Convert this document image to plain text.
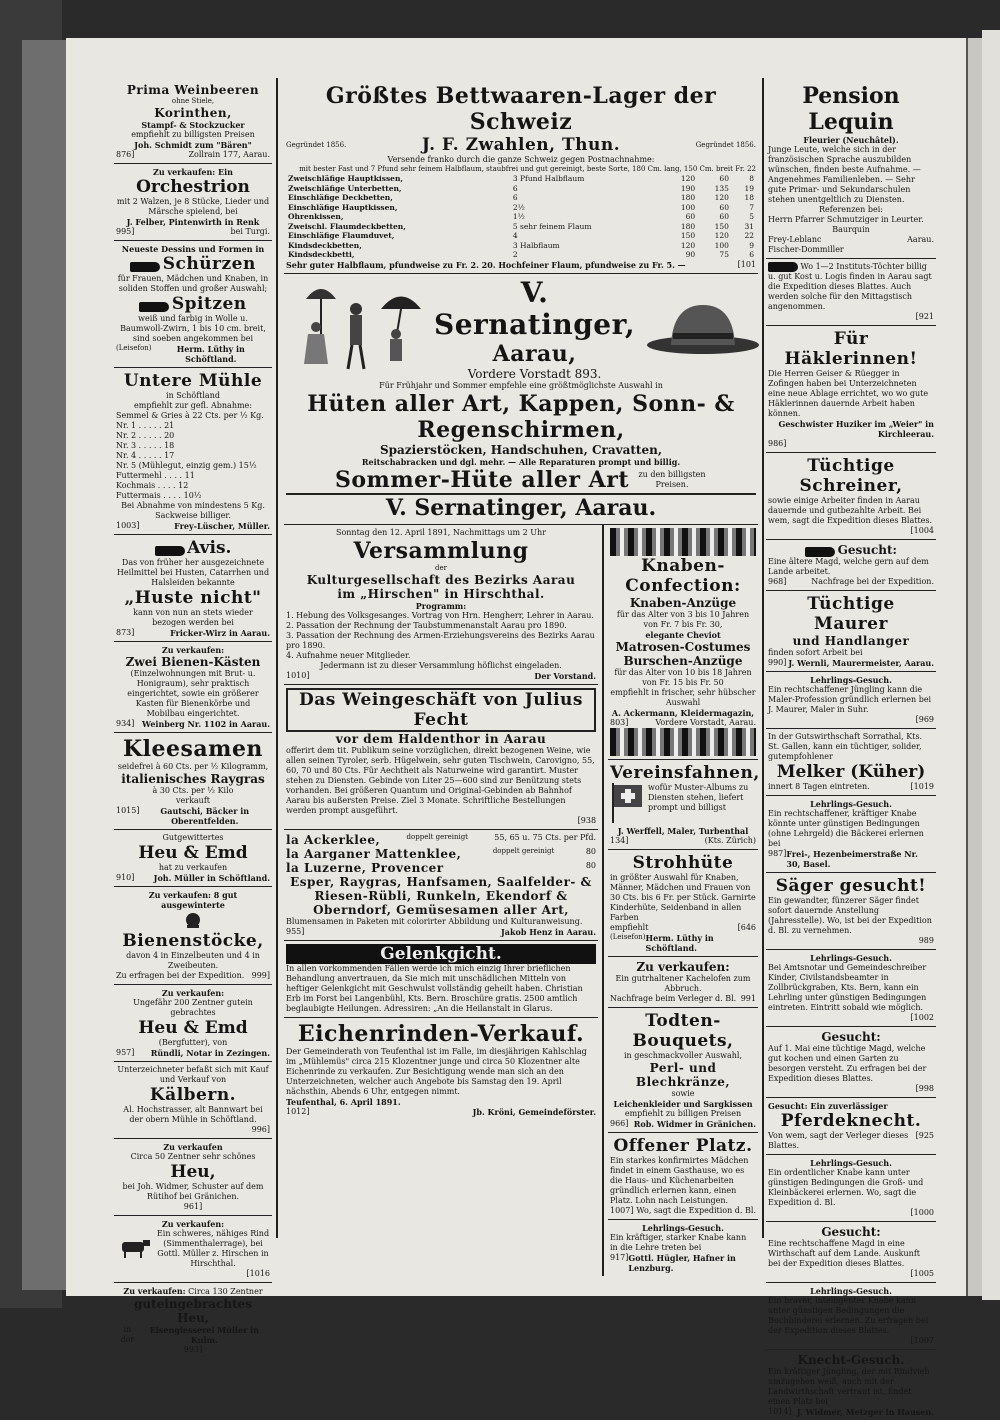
Prima Weinbeeren
ohne Stiele,
Korinthen,
Stampf- & Stockzucker
empfiehlt zu billigsten Preisen
Joh. Schmidt zum "Bären"
876]	Zollrain 177, Aarau.
Zu verkaufen: Ein
Orchestrion
mit 2 Walzen, je 8 Stücke, Lieder und Märsche spielend, bei
J. Felber, Pintenwirth in Renk
995]	bei Turgi.
Neueste Dessins und Formen in
Schürzen
für Frauen, Mädchen und Knaben, in soliden Stoffen und großer Auswahl;
Spitzen
weiß und farbig in Wolle u. Baumwoll-Zwirn, 1 bis 10 cm. breit, sind soeben angekommen bei
(Leisefon)	Herm. Lüthy in Schöftland.
Untere Mühle
in Schöftland
empfiehlt zur gefl. Abnahme:
Semmel & Gries à 22 Cts. per ½ Kg.
Nr. 1 . . . . . 21
Nr. 2 . . . . . 20
Nr. 3 . . . . . 18
Nr. 4 . . . . . 17
Nr. 5 (Mühlegut, einzig gem.) 15½
Futtermehl . . . . 11
Kochmais . . . . 12
Futtermais . . . . 10½
Bei Abnahme von mindestens 5 Kg. Sackweise billiger.
1003]	Frey-Lüscher, Müller.
Avis.
Das von früher her ausgezeichnete Heilmittel bei Husten, Catarrhen und Halsleiden bekannte
„Huste nicht"
kann von nun an stets wieder bezogen werden bei
873]	Fricker-Wirz in Aarau.
Zu verkaufen:
Zwei Bienen-Kästen
(Einzelwohnungen mit Brut- u. Honigraum), sehr praktisch eingerichtet, sowie ein größerer Kasten für Bienenkörbe und Mobilbau eingerichtet.
934] Weinberg Nr. 1102 in Aarau.
Kleesamen
seidefrei à 60 Cts. per ½ Kilogramm,
italienisches Raygras
à 30 Cts. per ½ Kilo
verkauft
1015]	Gautschi, Bäcker in Oberentfelden.
Gutgewittertes
Heu & Emd
hat zu verkaufen
910] Joh. Müller in Schöftland.
Zu verkaufen: 8 gut ausgewinterte
Bienenstöcke,
davon 4 in Einzelbeuten und 4 in Zweibeuten.
Zu erfragen bei der Expedition. 999]
Zu verkaufen:
Ungefähr 200 Zentner gutein gebrachtes
Heu & Emd
(Bergfutter), von
957] Ründli, Notar in Zezingen.
Unterzeichneter befaßt sich mit Kauf und Verkauf von
Kälbern.
Al. Hochstrasser, alt Bannwart bei der obern Mühle in Schöftland.
996]
Zu verkaufen
Circa 50 Zentner sehr schönes
Heu,
bei Joh. Widmer, Schuster auf dem Rütihof bei Gränichen.
961]
Zu verkaufen:
Ein schweres, nähiges Rind (Simmenthalerrage), bei Gottl. Müller z. Hirschen in Hirschthal.
[1016
Zu verkaufen: Circa 130 Zentner
guteingebrachtes Heu,
in der
Eisengiesserei Müller in Kulm.
993]
Größtes Bettwaaren-Lager der Schweiz
Gegründet 1856.	J. F. Zwahlen, Thun.	Gegründet 1856.
Versende franko durch die ganze Schweiz gegen Postnachnahme:
mit bester Fast und 7 Pfund sehr feinem Halbflaum, staubfrei und gut gereinigt, beste Sorte, 180 Cm. lang, 150 Cm. breit Fr. 22
Zweischläfige Hauptkissen,	3 Pfund Halbflaum	120	60	8
Zweischläfige Unterbetten,	6	190	135	19
Einschläfige Deckbetten,	6	180	120	18
Einschläfige Hauptkissen,	2½	100	60	7
Ohrenkissen,	1½	60	60	5
Zweischl. Flaumdeckbetten,	5 sehr feinem Flaum	180	150	31
Einschläfige Flaumduvet,	4	150	120	22
Kindsdeckbetten,	3 Halbflaum	120	100	9
Kindsdeckbetti,	2	90	75	6
Sehr guter Halbflaum, pfundweise zu Fr. 2. 20. Hochfeiner Flaum, pfundweise zu Fr. 5. —	[101
V. Sernatinger,
Aarau,
Vordere Vorstadt 893.
Für Frühjahr und Sommer empfehle eine größtmöglichste Auswahl in
Hüten aller Art, Kappen, Sonn- & Regenschirmen,
Spazierstöcken, Handschuhen, Cravatten,
Reitschabracken und dgl. mehr. — Alle Reparaturen prompt und billig.
Sommer-Hüte aller Art zu den billigsten Preisen.
V. Sernatinger, Aarau.
Sonntag den 12. April 1891, Nachmittags um 2 Uhr
Versammlung
der
Kulturgesellschaft des Bezirks Aarau
im „Hirschen" in Hirschthal.
Programm:
1. Hebung des Volksgesanges. Vortrag von Hrn. Hengherr, Lehrer in Aarau.
2. Passation der Rechnung der Taubstummenanstalt Aarau pro 1890.
3. Passation der Rechnung des Armen-Erziehungsvereins des Bezirks Aarau pro 1890.
4. Aufnahme neuer Mitglieder.
Jedermann ist zu dieser Versammlung höflichst eingeladen.
1010]	Der Vorstand.
Das Weingeschäft von Julius Fecht
vor dem Haldenthor in Aarau
offerirt dem tit. Publikum seine vorzüglichen, direkt bezogenen Weine, wie allen seinen Tyroler, serb. Hügelwein, sehr guten Tischwein, Carovigno, 55, 60, 70 und 80 Cts. Für Aechtheit als Naturweine wird garantirt. Muster stehen zu Diensten. Gebinde von Liter 25—600 sind zur Benützung stets vorhanden. Bei größeren Quantum und Original-Gebinden ab Bahnhof Aarau bis außersten Preise. Ziel 3 Monate. Schriftliche Bestellungen werden prompt ausgeführt.
[938
la Ackerklee,	doppelt gereinigt	55, 65 u. 75 Cts. per Pfd.
la Aarganer Mattenklee,	doppelt gereinigt	80
la Luzerne, Provencer	80
Esper, Raygras, Hanfsamen, Saalfelder- & Riesen-Rübli, Runkeln, Ekendorf & Oberndorf, Gemüsesamen aller Art,
Blumensamen in Paketen mit colorirter Abbildung und Kulturanweisung.
955]	Jakob Henz in Aarau.
Gelenkgicht.
In allen vorkommenden Fällen werde ich mich einzig Ihrer brieflichen Behandlung anvertrauen, da Sie mich mit unschädlichen Mitteln von heftiger Gelenkgicht mit Geschwulst vollständig geheilt haben. Christian Erb im Forst bei Langenbühl, Kts. Bern. Broschüre gratis. 2500 amtlich beglaubigte Heilungen. Adressiren: „An die Heilanstalt in Glarus.
Eichenrinden-Verkauf.
Der Gemeinderath von Teufenthal ist im Falle, im diesjährigen Kahlschlag im „Mühlemüs" circa 215 Klozentner junge und circa 50 Klozentner alte Eichenrinde zu verkaufen. Zur Besichtigung wende man sich an den Unterzeichneten, welcher auch Angebote bis Samstag den 19. April nächsthin, Abends 6 Uhr, entgegen nimmt.
Teufenthal, 6. April 1891.
1012]	Jb. Kröni, Gemeindeförster.
Knaben-Confection:
Knaben-Anzüge
für das Alter von 3 bis 10 Jahren von Fr. 7 bis Fr. 30,
elegante Cheviot
Matrosen-Costumes
Burschen-Anzüge
für das Alter von 10 bis 18 Jahren von Fr. 15 bis Fr. 50
empfiehlt in frischer, sehr hübscher Auswahl
A. Ackermann, Kleidermagazin,
803]	Vordere Vorstadt, Aarau.
Vereinsfahnen,
wofür Muster-Albums zu Diensten stehen, liefert prompt und billigst
J. Werffell, Maler, Turbenthal
134]	(Kts. Zürich)
Strohhüte
in größter Auswahl für Knaben, Männer, Mädchen und Frauen von 30 Cts. bis 6 Fr. per Stück. Garnirte Kinderhüte, Seidenband in allen Farben
empfiehlt	[646
(Leisefon) Herm. Lüthy in Schöftland.
Zu verkaufen:
Ein gutrhaltener Kachelofen zum Abbruch.
Nachfrage beim Verleger d. Bl. 991
Todten-Bouquets,
in geschmackvoller Auswahl,
Perl- und Blechkränze,
sowie
Leichenkleider und Sargkissen
empfiehlt zu billigen Preisen
966] Rob. Widmer in Gränichen.
Offener Platz.
Ein starkes konfirmirtes Mädchen findet in einem Gasthause, wo es die Haus- und Küchenarbeiten gründlich erlernen kann, einen Platz. Lohn nach Leistungen.
1007] Wo, sagt die Expedition d. Bl.
Lehrlings-Gesuch.
Ein kräftiger, starker Knabe kann in die Lehre treten bei
917] Gottl. Hügler, Hafner in Lenzburg.
Pension Lequin
Fleurier (Neuchâtel).
Junge Leute, welche sich in der französischen Sprache auszubilden wünschen, finden beste Aufnahme. — Angenehmes Familienleben. — Sehr gute Primar- und Sekundarschulen stehen unentgeltlich zu Diensten.
Referenzen bei:
Herrn Pfarrer Schmutziger in Leurter.
Baurquin
Frey-Leblanc	Aarau.
Fischer-Dommiller
Wo 1—2 Instituts-Töchter billig u. gut Kost u. Logis finden in Aarau sagt die Expedition dieses Blattes. Auch werden solche für den Mittagstisch angenommen.
[921
Für Häklerinnen!
Die Herren Geiser & Rüegger in Zofingen haben bei Unterzeichneten eine neue Ablage errichtet, wo wo gute Häklerinnen dauernde Arbeit haben können.
Geschwister Huziker im „Weier" in Kirchleerau.
986]
Tüchtige Schreiner,
sowie einige Arbeiter finden in Aarau dauernde und gutbezahlte Arbeit. Bei wem, sagt die Expedition dieses Blattes.
[1004
Gesucht:
Eine ältere Magd, welche gern auf dem Lande arbeitet.
968]	Nachfrage bei der Expedition.
Tüchtige Maurer
und Handlanger
finden sofort Arbeit bei
990] J. Wernli, Maurermeister, Aarau.
Lehrlings-Gesuch.
Ein rechtschaffener Jüngling kann die Maler-Profession gründlich erlernen bei J. Maurer, Maler in Suhr.
[969
In der Gutswirthschaft Sorrathal, Kts. St. Gallen, kann ein tüchtiger, solider, gutempfohlener
Melker (Küher)
innert 8 Tagen eintreten.	[1019
Lehrlings-Gesuch.
Ein rechtschaffener, kräftiger Knabe könnte unter günstigen Bedingungen (ohne Lehrgeld) die Bäckerei erlernen bei
987] Frei-, Hezenbeimerstraße Nr. 30, Basel.
Säger gesucht!
Ein gewandter, fünzerer Säger findet sofort dauernde Anstellung (Jahresstelle). Wo, ist bei der Expedition d. Bl. zu vernehmen.
989
Lehrlings-Gesuch.
Bei Amtsnotar und Gemeindeschreiber Kinder, Civilstandsbeamter in Zollbrückgraben, Kts. Bern, kann ein Lehrling unter günstigen Bedingungen eintreten. Eintritt sobald wie möglich.
[1002
Gesucht:
Auf 1. Mai eine tüchtige Magd, welche gut kochen und einen Garten zu besorgen versteht. Zu erfragen bei der Expedition dieses Blattes.
[998
Gesucht: Ein zuverlässiger
Pferdeknecht.
Von wem, sagt der Verleger dieses Blattes.
[925
Lehrlings-Gesuch.
Ein ordentlicher Knabe kann unter günstigen Bedingungen die Groß- und Kleinbäckerei erlernen. Wo, sagt die Expedition d. Bl.
[1000
Gesucht:
Eine rechtschaffene Magd in eine Wirthschaft auf dem Lande. Auskunft bei der Expedition dieses Blattes.
[1005
Lehrlings-Gesuch.
Ein braver, intelligenter Knabe kann unter günstigen Bedingungen die Buchbinderei erlernen. Zu erfragen bei der Expedition dieses Blattes.
[1007
Knecht-Gesuch.
Ein kräftiger Jüngling, der mit Rindvieh umzugehen weiß, auch mit der Landwirthschaft vertraut ist, findet einen Platz bei
1014] J. Widmer, Metzger in Hausen.
